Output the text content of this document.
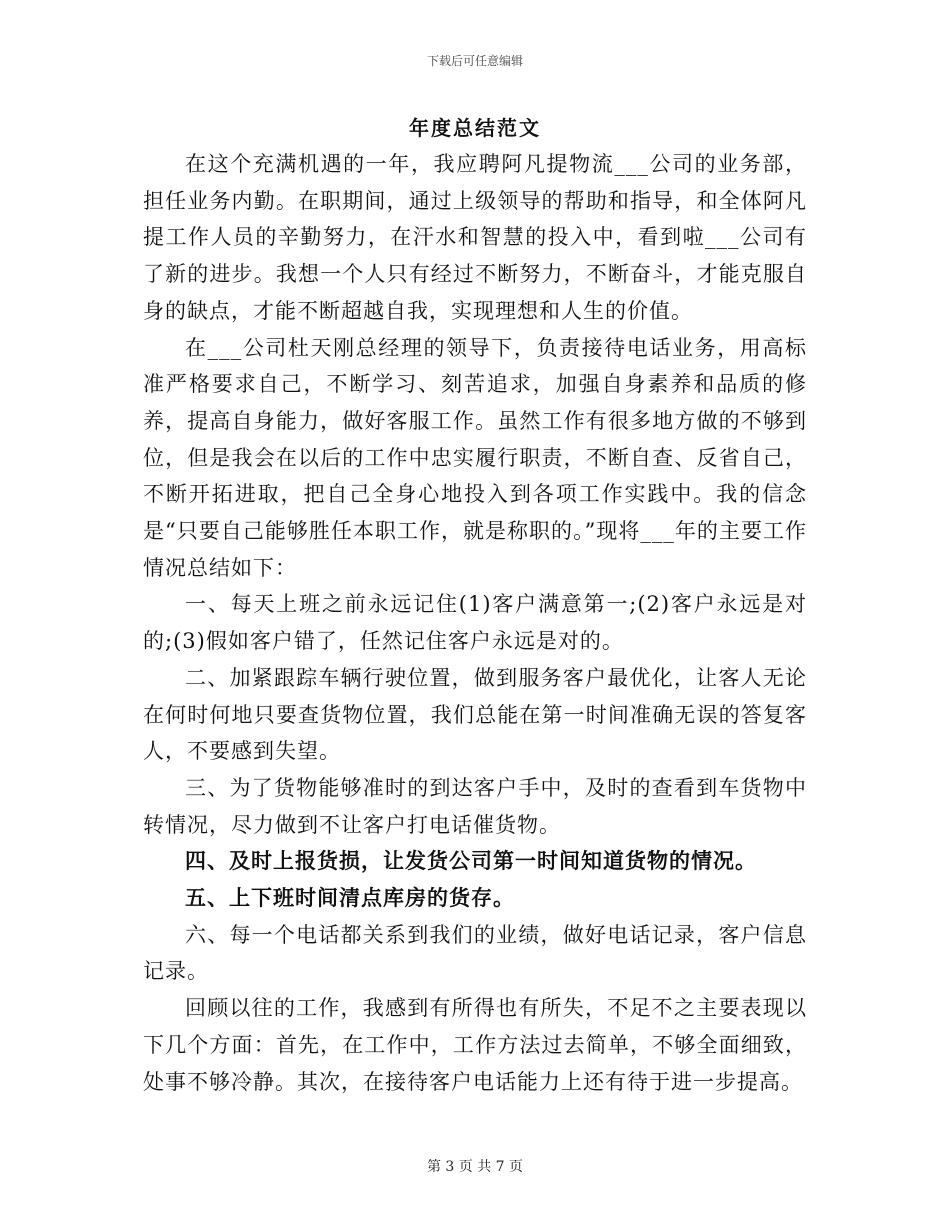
下载后可任意编辑
年度总结范文

在这个充满机遇的一年，我应聘阿凡提物流___公司的业务部，担任业务内勤。在职期间，通过上级领导的帮助和指导，和全体阿凡提工作人员的辛勤努力，在汗水和智慧的投入中，看到啦___公司有了新的进步。我想一个人只有经过不断努力，不断奋斗，才能克服自身的缺点，才能不断超越自我，实现理想和人生的价值。

在___公司杜天刚总经理的领导下，负责接待电话业务，用高标准严格要求自己，不断学习、刻苦追求，加强自身素养和品质的修养，提高自身能力，做好客服工作。虽然工作有很多地方做的不够到位，但是我会在以后的工作中忠实履行职责，不断自查、反省自己，不断开拓进取，把自己全身心地投入到各项工作实践中。我的信念是“只要自己能够胜任本职工作，就是称职的。”现将___年的主要工作情况总结如下：

一、每天上班之前永远记住(1)客户满意第一;(2)客户永远是对的;(3)假如客户错了，任然记住客户永远是对的。

二、加紧跟踪车辆行驶位置，做到服务客户最优化，让客人无论在何时何地只要查货物位置，我们总能在第一时间准确无误的答复客人，不要感到失望。

三、为了货物能够准时的到达客户手中，及时的查看到车货物中转情况，尽力做到不让客户打电话催货物。

四、及时上报货损，让发货公司第一时间知道货物的情况。

五、上下班时间清点库房的货存。

六、每一个电话都关系到我们的业绩，做好电话记录，客户信息记录。

回顾以往的工作，我感到有所得也有所失，不足不之主要表现以下几个方面：首先，在工作中，工作方法过去简单，不够全面细致，处事不够冷静。其次，在接待客户电话能力上还有待于进一步提高。

第 3 页 共 7 页
